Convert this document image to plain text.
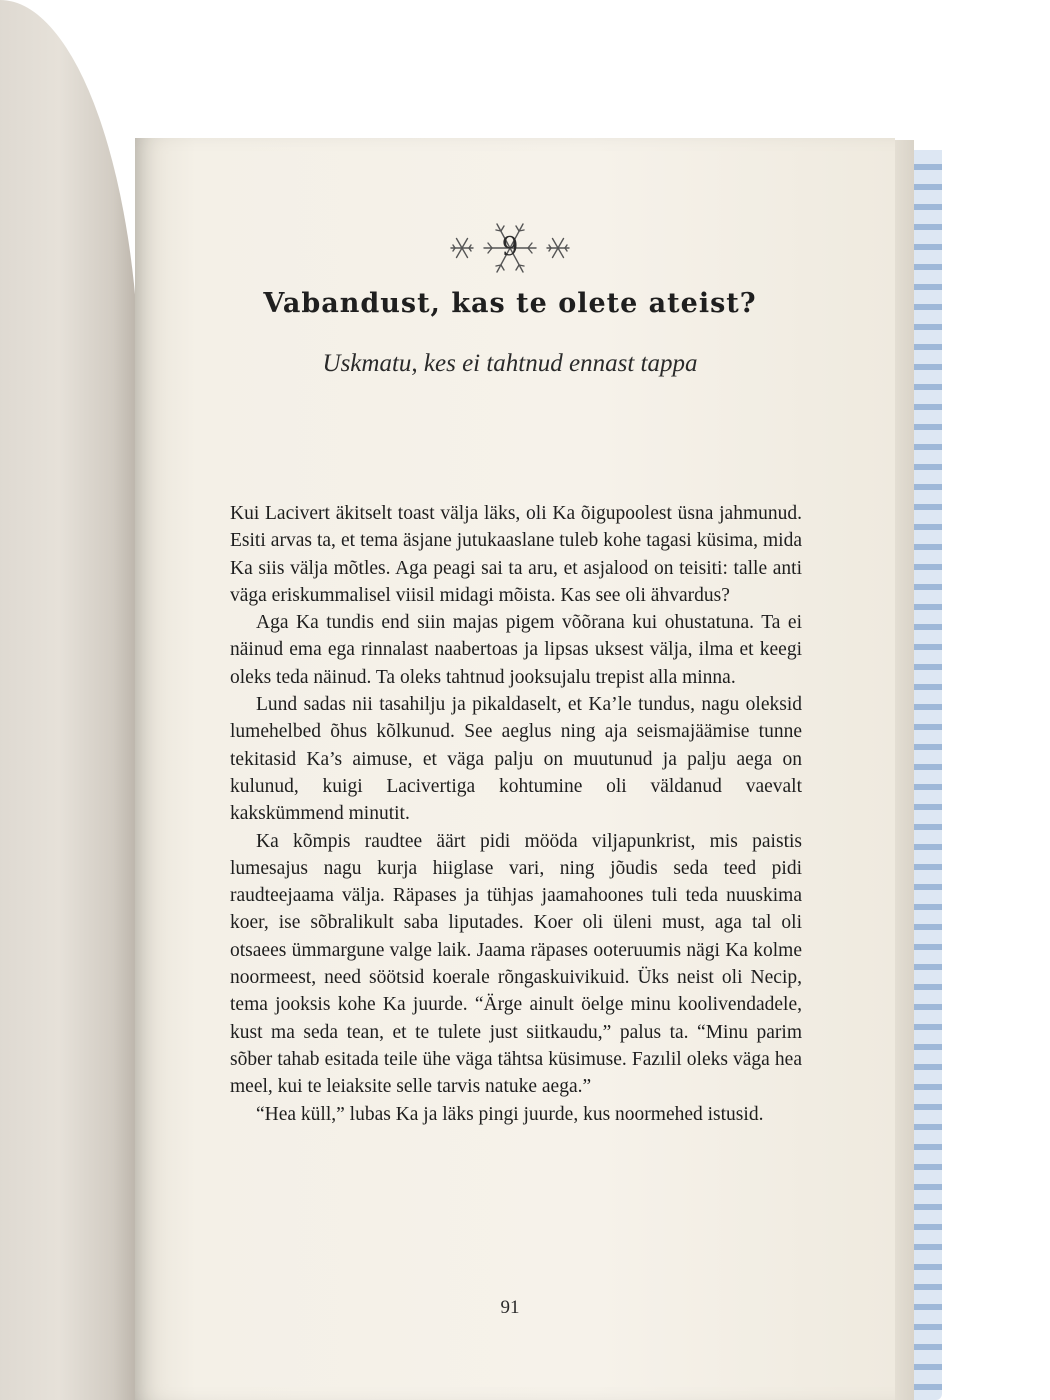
9
Vabandust, kas te olete ateist?
Uskmatu, kes ei tahtnud ennast tappa

Kui Lacivert äkitselt toast välja läks, oli Ka õigupoolest üsna jahmunud. Esiti arvas ta, et tema äsjane jutukaaslane tuleb kohe tagasi küsima, mida Ka siis välja mõtles. Aga peagi sai ta aru, et asjalood on teisiti: talle anti väga eriskummalisel viisil midagi mõista. Kas see oli ähvardus?

Aga Ka tundis end siin majas pigem võõrana kui ohustatuna. Ta ei näinud ema ega rinnalast naabertoas ja lipsas uksest välja, ilma et keegi oleks teda näinud. Ta oleks tahtnud jooksujalu trepist alla minna.

Lund sadas nii tasahilju ja pikaldaselt, et Ka’le tundus, nagu oleksid lumehelbed õhus kõlkunud. See aeglus ning aja seismajäämise tunne tekitasid Ka’s aimuse, et väga palju on muutunud ja palju aega on kulunud, kuigi Lacivertiga kohtumine oli väldanud vaevalt kakskümmend minutit.

Ka kõmpis raudtee äärt pidi mööda viljapunkrist, mis paistis lumesajus nagu kurja hiiglase vari, ning jõudis seda teed pidi raudteejaama välja. Räpases ja tühjas jaamahoones tuli teda nuuskima koer, ise sõbralikult saba liputades. Koer oli üleni must, aga tal oli otsaees ümmargune valge laik. Jaama räpases ooteruumis nägi Ka kolme noormeest, need söötsid koerale rõngaskuivikuid. Üks neist oli Necip, tema jooksis kohe Ka juurde. “Ärge ainult öelge minu koolivendadele, kust ma seda tean, et te tulete just siitkaudu,” palus ta. “Minu parim sõber tahab esitada teile ühe väga tähtsa küsimuse. Fazılil oleks väga hea meel, kui te leiaksite selle tarvis natuke aega.”

“Hea küll,” lubas Ka ja läks pingi juurde, kus noormehed istusid.

91
